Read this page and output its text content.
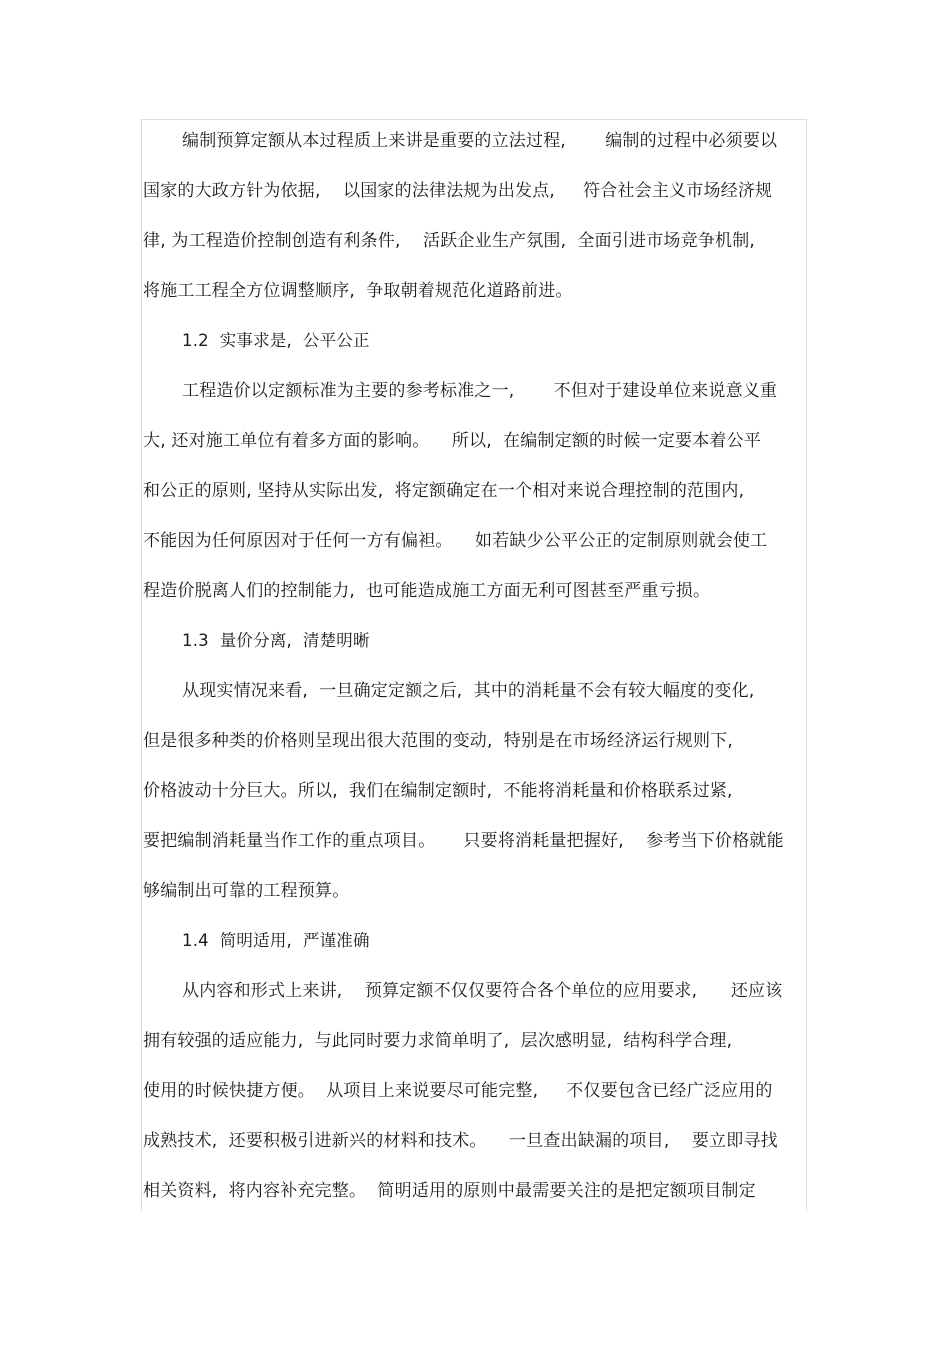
编制预算定额从本过程质上来讲是重要的立法过程,       编制的过程中必须要以
国家的大政方针为依据,    以国家的法律法规为出发点,     符合社会主义市场经济规
律, 为工程造价控制创造有利条件,    活跃企业生产氛围,  全面引进市场竞争机制,
将施工工程全方位调整顺序,  争取朝着规范化道路前进。
1.2  实事求是,  公平公正
工程造价以定额标准为主要的参考标准之一,       不但对于建设单位来说意义重
大, 还对施工单位有着多方面的影响。    所以,  在编制定额的时候一定要本着公平
和公正的原则, 坚持从实际出发,  将定额确定在一个相对来说合理控制的范围内,
不能因为任何原因对于任何一方有偏袒。    如若缺少公平公正的定制原则就会使工
程造价脱离人们的控制能力,  也可能造成施工方面无利可图甚至严重亏损。
1.3  量价分离,  清楚明晰
从现实情况来看,  一旦确定定额之后,  其中的消耗量不会有较大幅度的变化,
但是很多种类的价格则呈现出很大范围的变动,  特别是在市场经济运行规则下,
价格波动十分巨大。所以,  我们在编制定额时,  不能将消耗量和价格联系过紧,
要把编制消耗量当作工作的重点项目。     只要将消耗量把握好,    参考当下价格就能
够编制出可靠的工程预算。
1.4  简明适用,  严谨准确
从内容和形式上来讲,    预算定额不仅仅要符合各个单位的应用要求,      还应该
拥有较强的适应能力,  与此同时要力求简单明了,  层次感明显,  结构科学合理,
使用的时候快捷方便。  从项目上来说要尽可能完整,     不仅要包含已经广泛应用的
成熟技术,  还要积极引进新兴的材料和技术。    一旦查出缺漏的项目,    要立即寻找
相关资料,  将内容补充完整。  简明适用的原则中最需要关注的是把定额项目制定
